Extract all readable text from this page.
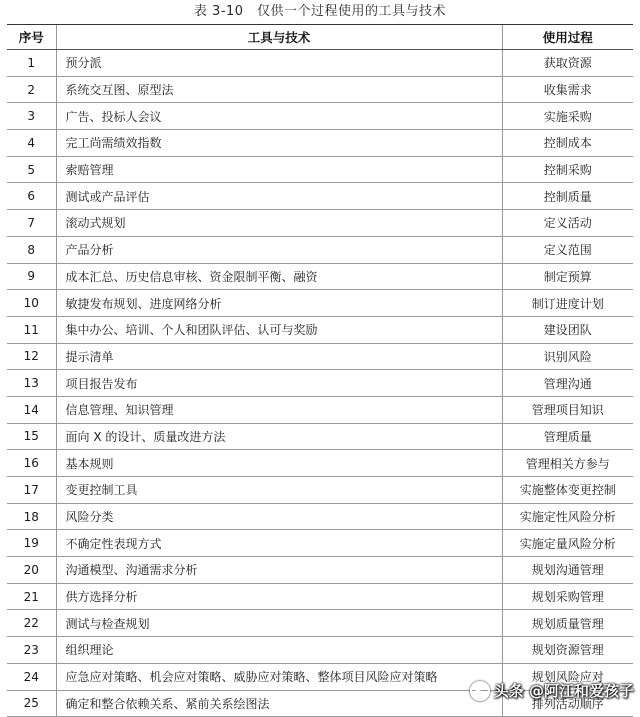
表 3-10　仅供一个过程使用的工具与技术
序号	工具与技术	使用过程
1	预分派	获取资源
2	系统交互图、原型法	收集需求
3	广告、投标人会议	实施采购
4	完工尚需绩效指数	控制成本
5	索赔管理	控制采购
6	测试或产品评估	控制质量
7	滚动式规划	定义活动
8	产品分析	定义范围
9	成本汇总、历史信息审核、资金限制平衡、融资	制定预算
10	敏捷发布规划、进度网络分析	制订进度计划
11	集中办公、培训、个人和团队评估、认可与奖励	建设团队
12	提示清单	识别风险
13	项目报告发布	管理沟通
14	信息管理、知识管理	管理项目知识
15	面向 X 的设计、质量改进方法	管理质量
16	基本规则	管理相关方参与
17	变更控制工具	实施整体变更控制
18	风险分类	实施定性风险分析
19	不确定性表现方式	实施定量风险分析
20	沟通模型、沟通需求分析	规划沟通管理
21	供方选择分析	规划采购管理
22	测试与检查规划	规划质量管理
23	组织理论	规划资源管理
24	应急应对策略、机会应对策略、威胁应对策略、整体项目风险应对策略	规划风险应对
25	确定和整合依赖关系、紧前关系绘图法	排列活动顺序
头条 @阿江和爱孩子
